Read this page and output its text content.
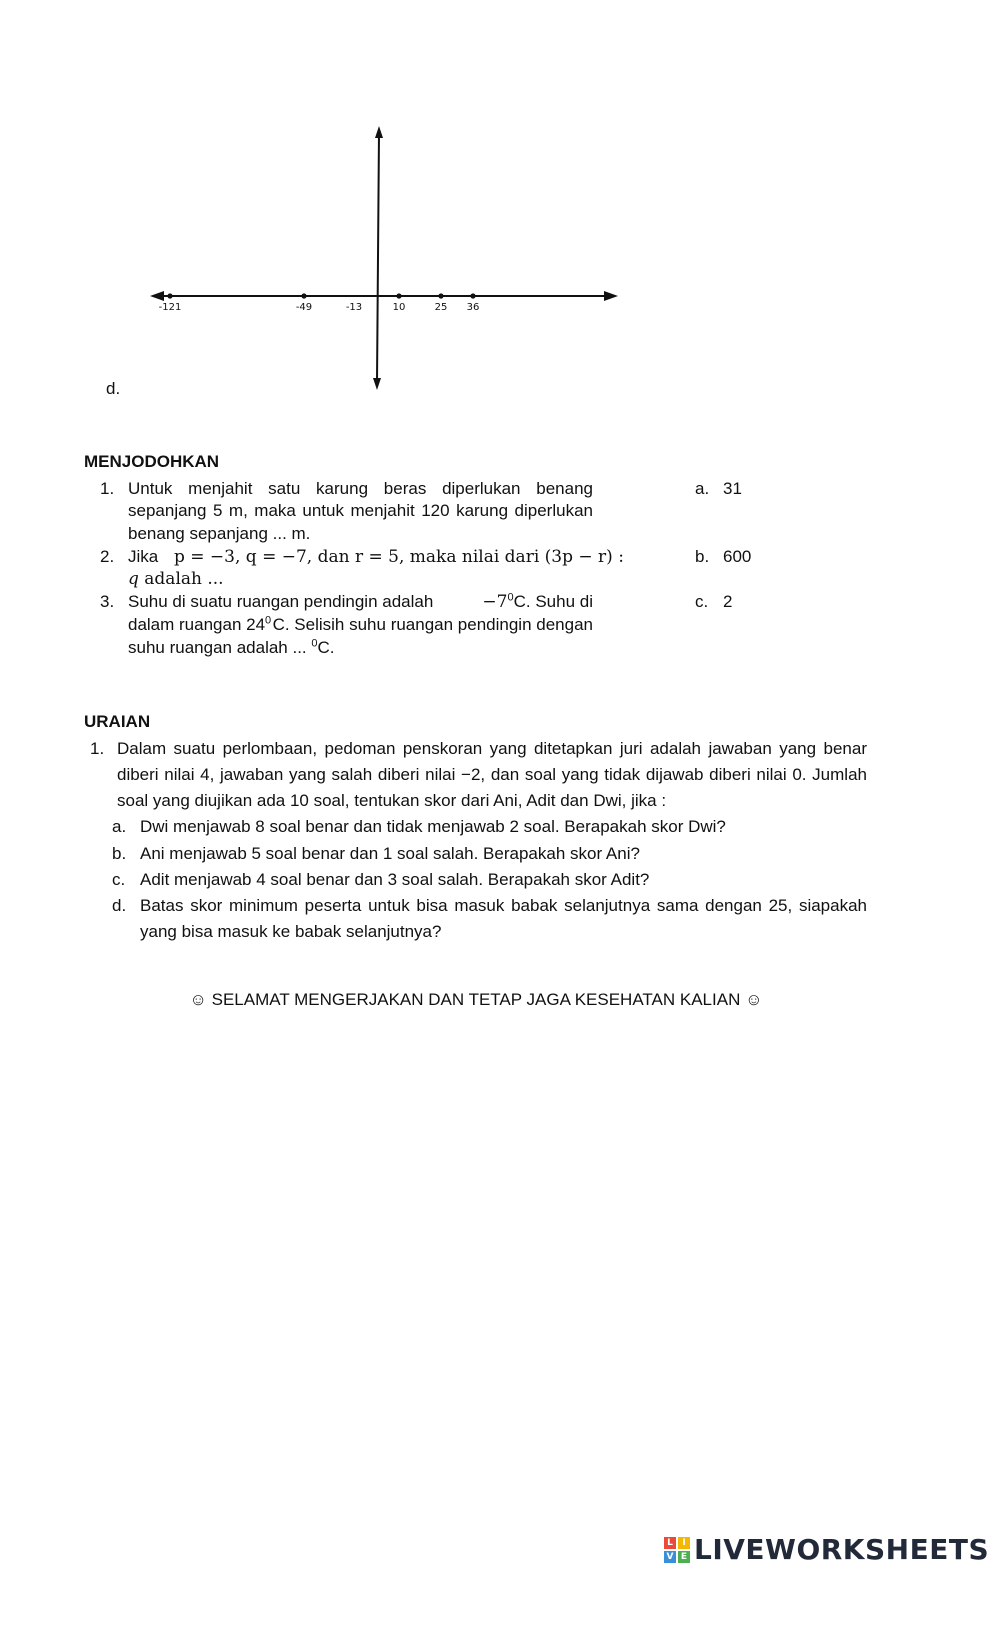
-121	-49	-13	10	25 36
d.
MENJODOHKAN
1. Untuk menjahit satu karung beras diperlukan benang
sepanjang 5 m, maka untuk menjahit 120 karung diperlukan
benang sepanjang ... m.
2. Jika p = −3, q = −7, dan r = 5, maka nilai dari (3p − r) :
q adalah ...
3. Suhu di suatu ruangan pendingin adalah	$-7^0C$. Suhu di
dalam ruangan $24^0$ C. Selisih suhu ruangan pendingin dengan
suhu ruangan adalah ... $^0$C.
a. 31
b. 600
c. 2
URAIAN
1. Dalam suatu perlombaan, pedoman penskoran yang ditetapkan juri adalah jawaban yang benar
diberi nilai 4, jawaban yang salah diberi nilai −2, dan soal yang tidak dijawab diberi nilai 0. Jumlah
soal yang diujikan ada 10 soal, tentukan skor dari Ani, Adit dan Dwi, jika :
a. Dwi menjawab 8 soal benar dan tidak menjawab 2 soal. Berapakah skor Dwi?
b. Ani menjawab 5 soal benar dan 1 soal salah. Berapakah skor Ani?
c. Adit menjawab 4 soal benar dan 3 soal salah. Berapakah skor Adit?
d. Batas skor minimum peserta untuk bisa masuk babak selanjutnya sama dengan 25, siapakah
yang bisa masuk ke babak selanjutnya?
☺ SELAMAT MENGERJAKAN DAN TETAP JAGA KESEHATAN KALIAN ☺
L	I
V E LIVEWORKSHEETS
